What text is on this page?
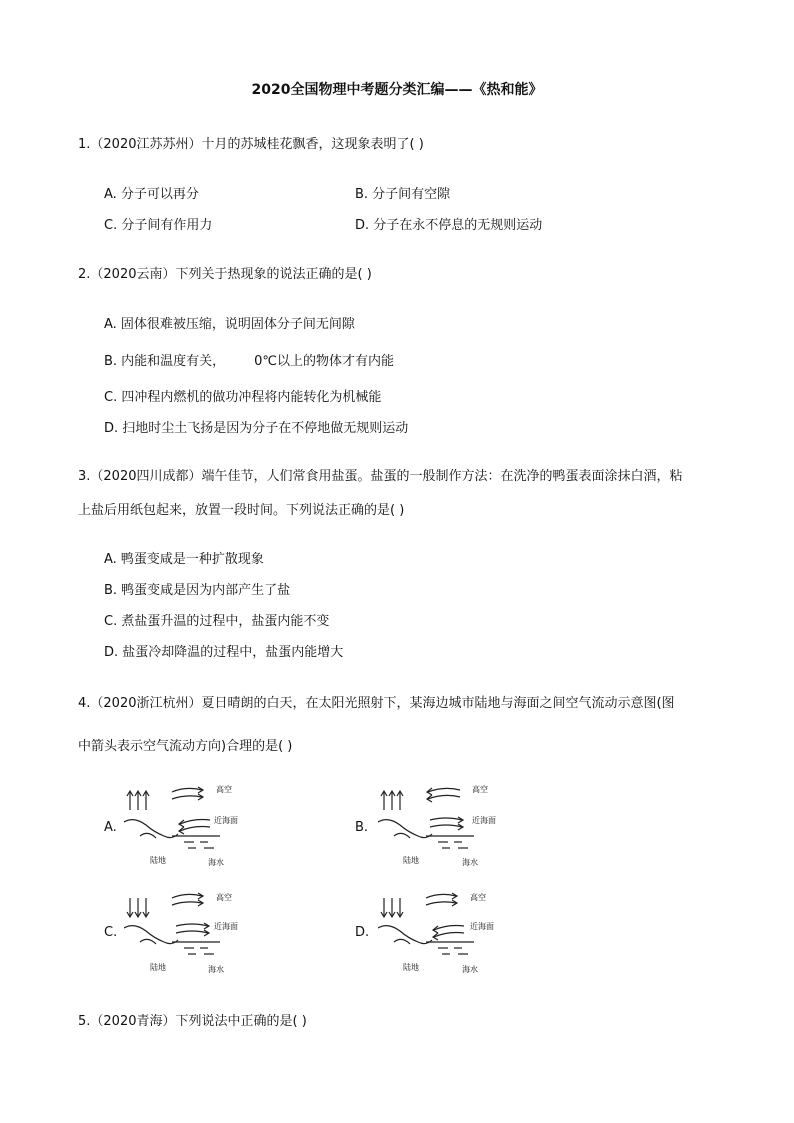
2020全国物理中考题分类汇编——《热和能》
1.（2020江苏苏州）十月的苏城桂花飘香，这现象表明了( )
A. 分子可以再分	B. 分子间有空隙
C. 分子间有作用力	D. 分子在永不停息的无规则运动
2.（2020云南）下列关于热现象的说法正确的是( )
A. 固体很难被压缩，说明固体分子间无间隙
B. 内能和温度有关，       0℃以上的物体才有内能
C. 四冲程内燃机的做功冲程将内能转化为机械能
D. 扫地时尘土飞扬是因为分子在不停地做无规则运动
3.（2020四川成都）端午佳节，人们常食用盐蛋。盐蛋的一般制作方法：在洗净的鸭蛋表面涂抹白酒，粘
上盐后用纸包起来，放置一段时间。下列说法正确的是( )
A. 鸭蛋变咸是一种扩散现象
B. 鸭蛋变咸是因为内部产生了盐
C. 煮盐蛋升温的过程中，盐蛋内能不变
D. 盐蛋冷却降温的过程中，盐蛋内能增大
4.（2020浙江杭州）夏日晴朗的白天，在太阳光照射下，某海边城市陆地与海面之间空气流动示意图(图
中箭头表示空气流动方向)合理的是( )
A.
高空
近海面
陆地	海水
B.
高空
近海面
陆地	海水
C.
高空
近海面
陆地	海水
D.
高空
近海面
陆地	海水
5.（2020青海）下列说法中正确的是( )
